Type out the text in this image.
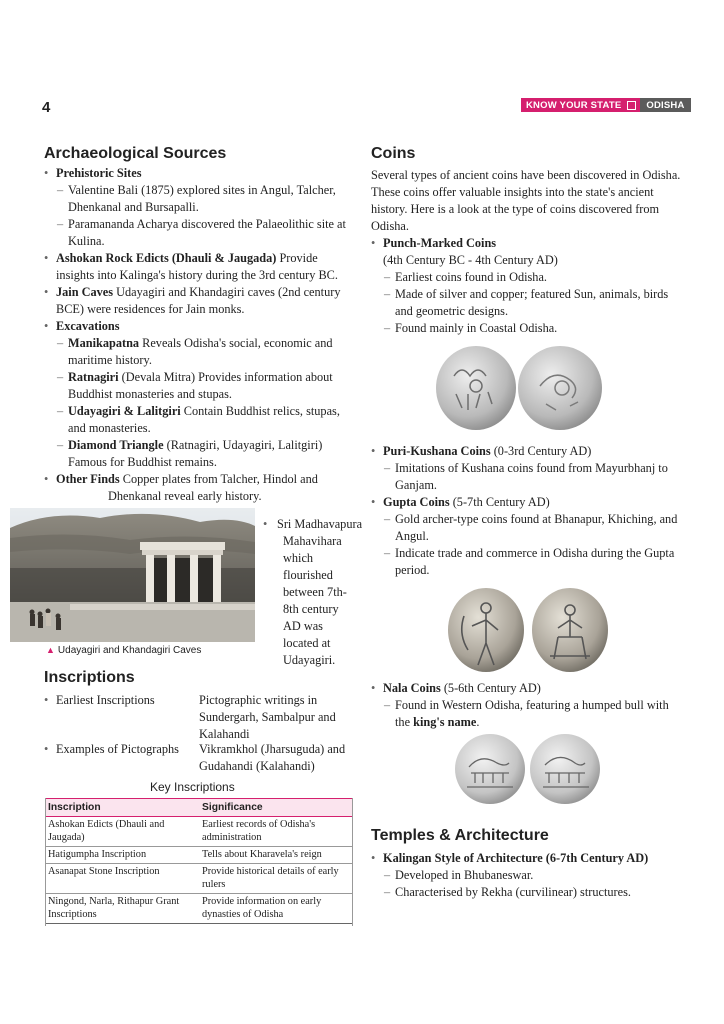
4	KNOW YOUR STATE	ODISHA
Archaeological Sources
• Prehistoric Sites
– Valentine Bali (1875) explored sites in Angul, Talcher, Dhenkanal and Bursapalli.
– Paramananda Acharya discovered the Palaeolithic site at Kulina.
• Ashokan Rock Edicts (Dhauli & Jaugada) Provide insights into Kalinga's history during the 3rd century BC.
• Jain Caves Udayagiri and Khandagiri caves (2nd century BCE) were residences for Jain monks.
• Excavations
– Manikapatna Reveals Odisha's social, economic and maritime history.
– Ratnagiri (Devala Mitra) Provides information about Buddhist monasteries and stupas.
– Udayagiri & Lalitgiri Contain Buddhist relics, stupas, and monasteries.
– Diamond Triangle (Ratnagiri, Udayagiri, Lalitgiri) Famous for Buddhist remains.
• Other Finds Copper plates from Talcher, Hindol and
Dhenkanal reveal early history.
▲ Udayagiri and Khandagiri Caves
• Sri Madhavapura
Mahavihara
which
flourished
between 7th-
8th century
AD was
located at
Udayagiri.
Inscriptions
• Earliest Inscriptions	Pictographic writings in Sundergarh, Sambalpur and Kalahandi
• Examples of Pictographs	Vikramkhol (Jharsuguda) and Gudahandi (Kalahandi)
Key Inscriptions
Inscription	Significance
Ashokan Edicts (Dhauli and Jaugada)	Earliest records of Odisha's administration
Hatigumpha Inscription	Tells about Kharavela's reign
Asanapat Stone Inscription	Provide historical details of early rulers
Ningond, Narla, Rithapur Grant Inscriptions	Provide information on early dynasties of Odisha
Coins

Several types of ancient coins have been discovered in Odisha. These coins offer valuable insights into the state's ancient history. Here is a look at the type of coins discovered from Odisha.

• Punch-Marked Coins
(4th Century BC - 4th Century AD)
– Earliest coins found in Odisha.
– Made of silver and copper; featured Sun, animals, birds and geometric designs.
– Found mainly in Coastal Odisha.
• Puri-Kushana Coins (0-3rd Century AD)
– Imitations of Kushana coins found from Mayurbhanj to Ganjam.
• Gupta Coins (5-7th Century AD)
– Gold archer-type coins found at Bhanapur, Khiching, and Angul.
– Indicate trade and commerce in Odisha during the Gupta period.
• Nala Coins (5-6th Century AD)
– Found in Western Odisha, featuring a humped bull with the king's name.
Temples & Architecture
• Kalingan Style of Architecture (6-7th Century AD)
– Developed in Bhubaneswar.
– Characterised by Rekha (curvilinear) structures.
